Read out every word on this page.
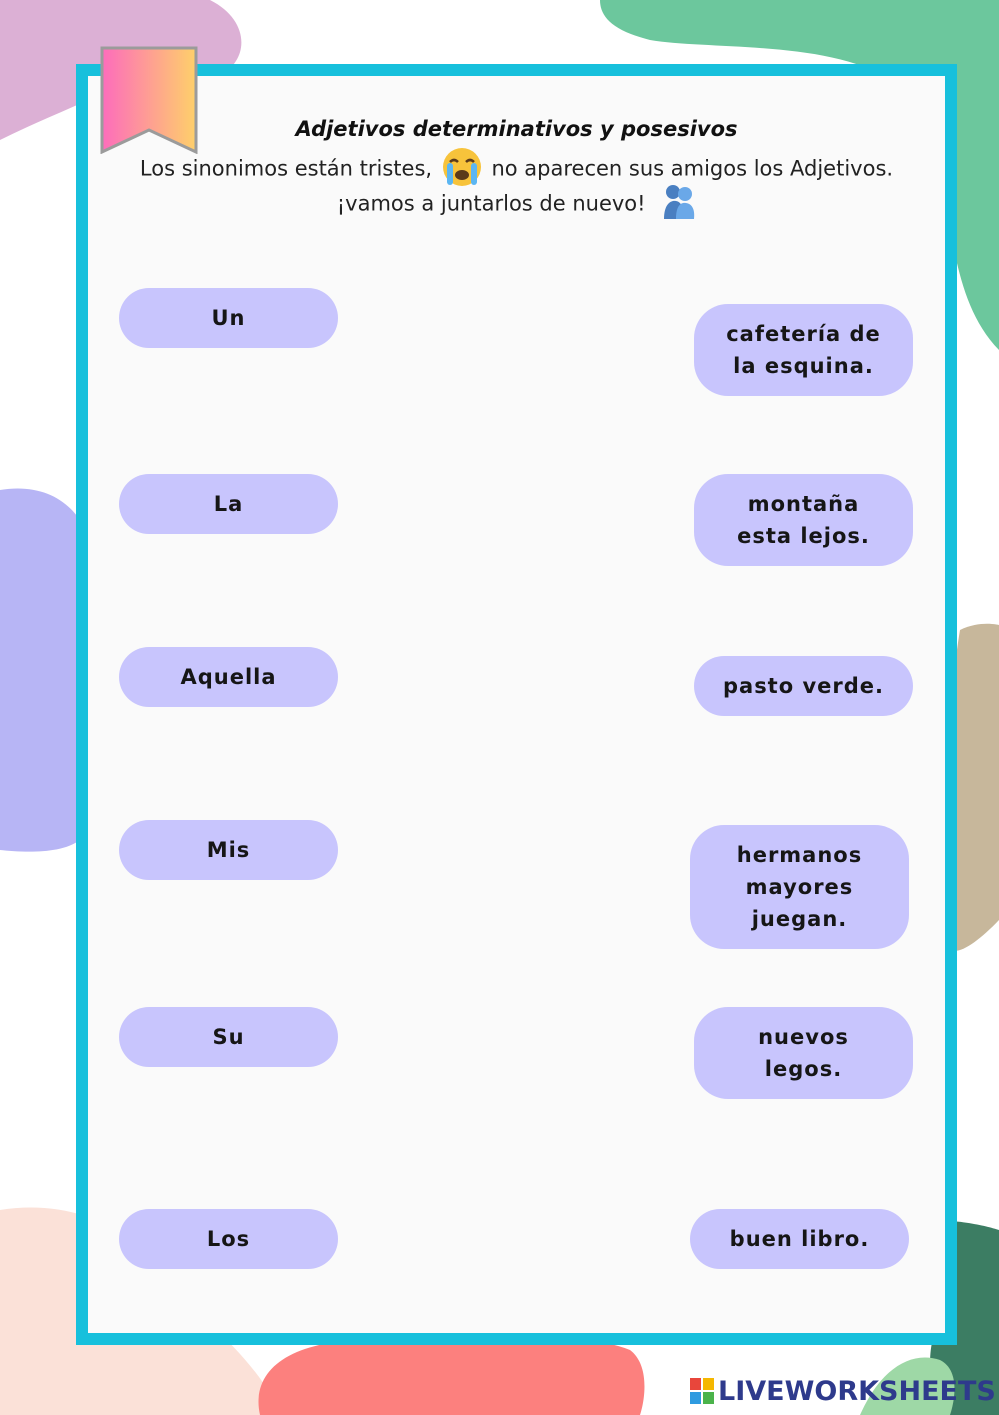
Adjetivos determinativos y posesivos
Los sinonimos están tristes,	no aparecen sus amigos los Adjetivos.
¡vamos a juntarlos de nuevo!
Un
La
Aquella
Mis
Su
Los
cafetería de
la esquina.
montaña
esta lejos.
pasto verde.
hermanos
mayores
juegan.
nuevos
legos.
buen libro.
LIVEWORKSHEETS
